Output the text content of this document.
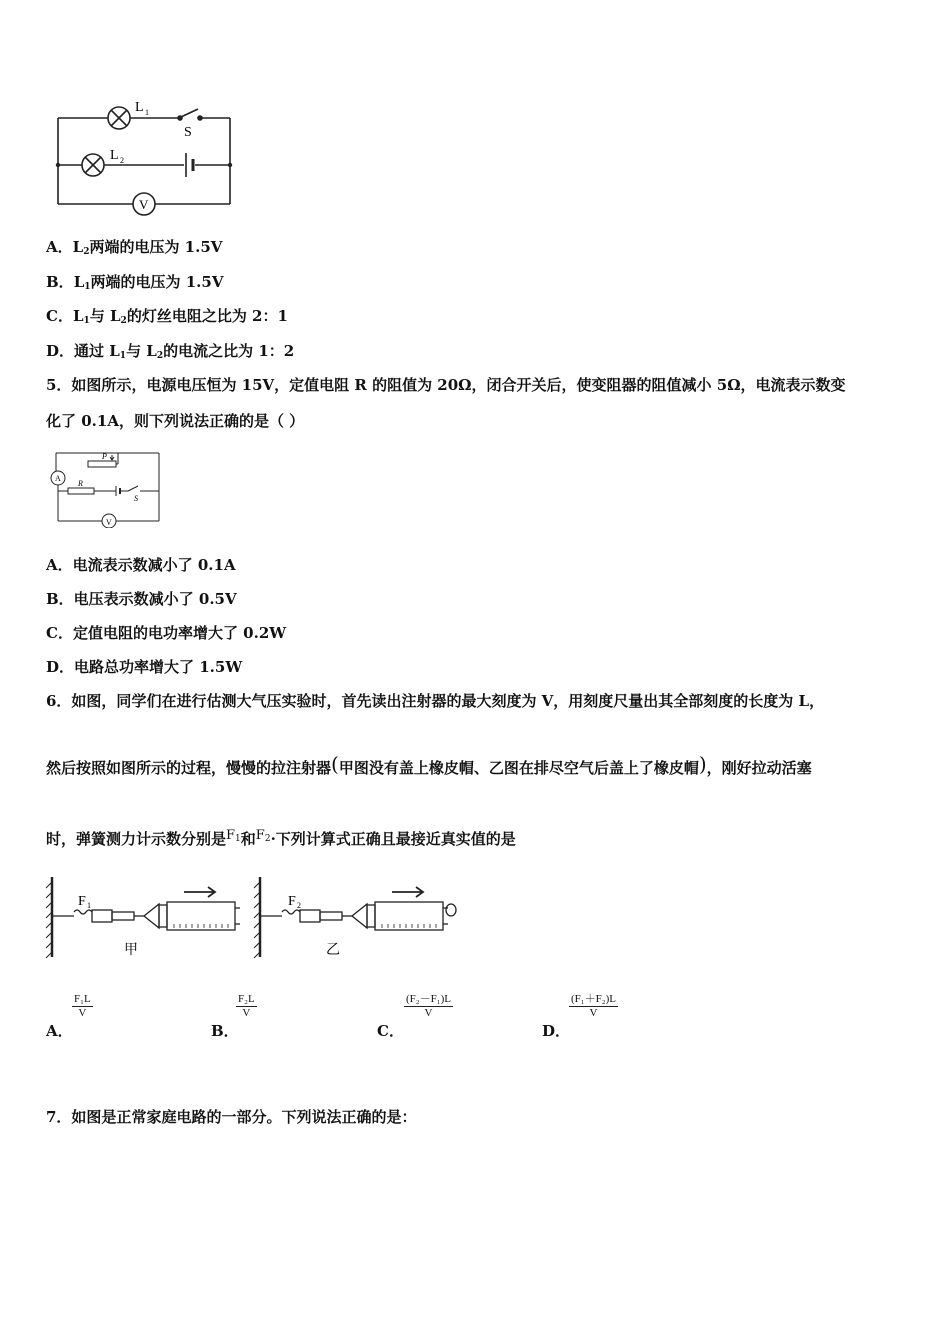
L 1
L 2
S
V
A．$L_2$两端的电压为 1.5V
B．$L_1$两端的电压为 1.5V
C．$L_1$与 $L_2$的灯丝电阻之比为 2：1
D．通过 $L_1$与 $L_2$的电流之比为 1：2
5．如图所示，电源电压恒为 15V，定值电阻 R 的阻值为 20Ω，闭合开关后，使变阻器的阻值减小 5Ω，电流表示数变
化了 0.1A，则下列说法正确的是（ ）
A
V
P
R
S
A．电流表示数减小了 0.1A
B．电压表示数减小了 0.5V
C．定值电阻的电功率增大了 0.2W
D．电路总功率增大了 1.5W
6．如图，同学们在进行估测大气压实验时，首先读出注射器的最大刻度为 V，用刻度尺量出其全部刻度的长度为 L，
然后按照如图所示的过程，慢慢的拉注射器(甲图没有盖上橡皮帽、乙图在排尽空气后盖上了橡皮帽)，刚好拉动活塞
时，弹簧测力计示数分别是$F_1$和$F_2\cdot$下列计算式正确且最接近真实值的是
F 1
甲
F 2
乙
A．
$\frac{\text{F₁L}}{V}$
B．
$\frac{\text{F₂L}}{V}$
C．
$\frac{\text{(F₂－F₁)L}}{V}$
D．
$\frac{\text{(F₁＋F₂)L}}{V}$
7．如图是正常家庭电路的一部分。下列说法正确的是：
